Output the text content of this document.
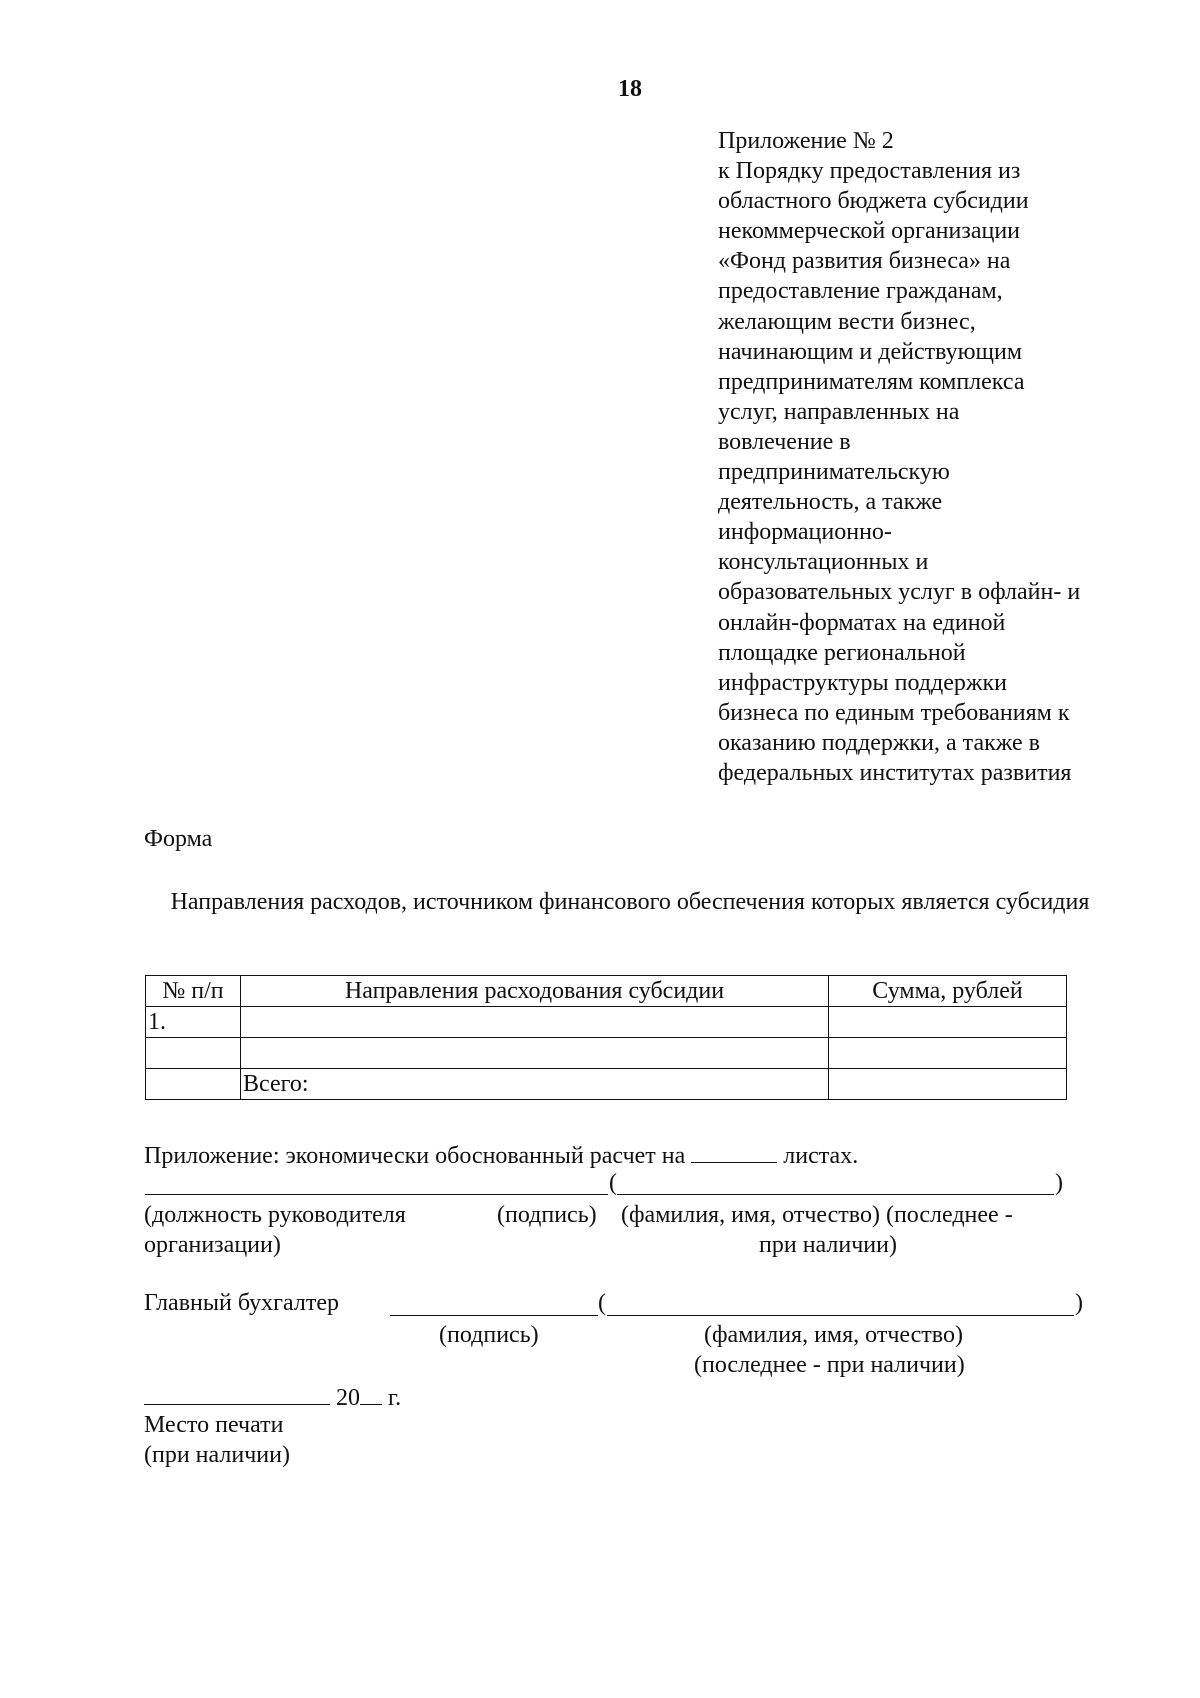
18
Приложение № 2
к Порядку предоставления из
областного бюджета субсидии
некоммерческой организации
«Фонд развития бизнеса» на
предоставление гражданам,
желающим вести бизнес,
начинающим и действующим
предпринимателям комплекса
услуг, направленных на
вовлечение в
предпринимательскую
деятельность, а также
информационно-
консультационных и
образовательных услуг в офлайн- и
онлайн-форматах на единой
площадке региональной
инфраструктуры поддержки
бизнеса по единым требованиям к
оказанию поддержки, а также в
федеральных институтах развития
Форма
Направления расходов, источником финансового обеспечения которых является субсидия
№ п/п	Направления расходования субсидии	Сумма, рублей
1.		

	Всего:	
Приложение: экономически обоснованный расчет на	листах.
(	)
(должность руководителя
организации)
(подпись) (фамилия, имя, отчество) (последнее -
при наличии)
Главный бухгалтер	(	)
(подпись)	(фамилия, имя, отчество)
(последнее - при наличии)
20 г.
Место печати
(при наличии)
